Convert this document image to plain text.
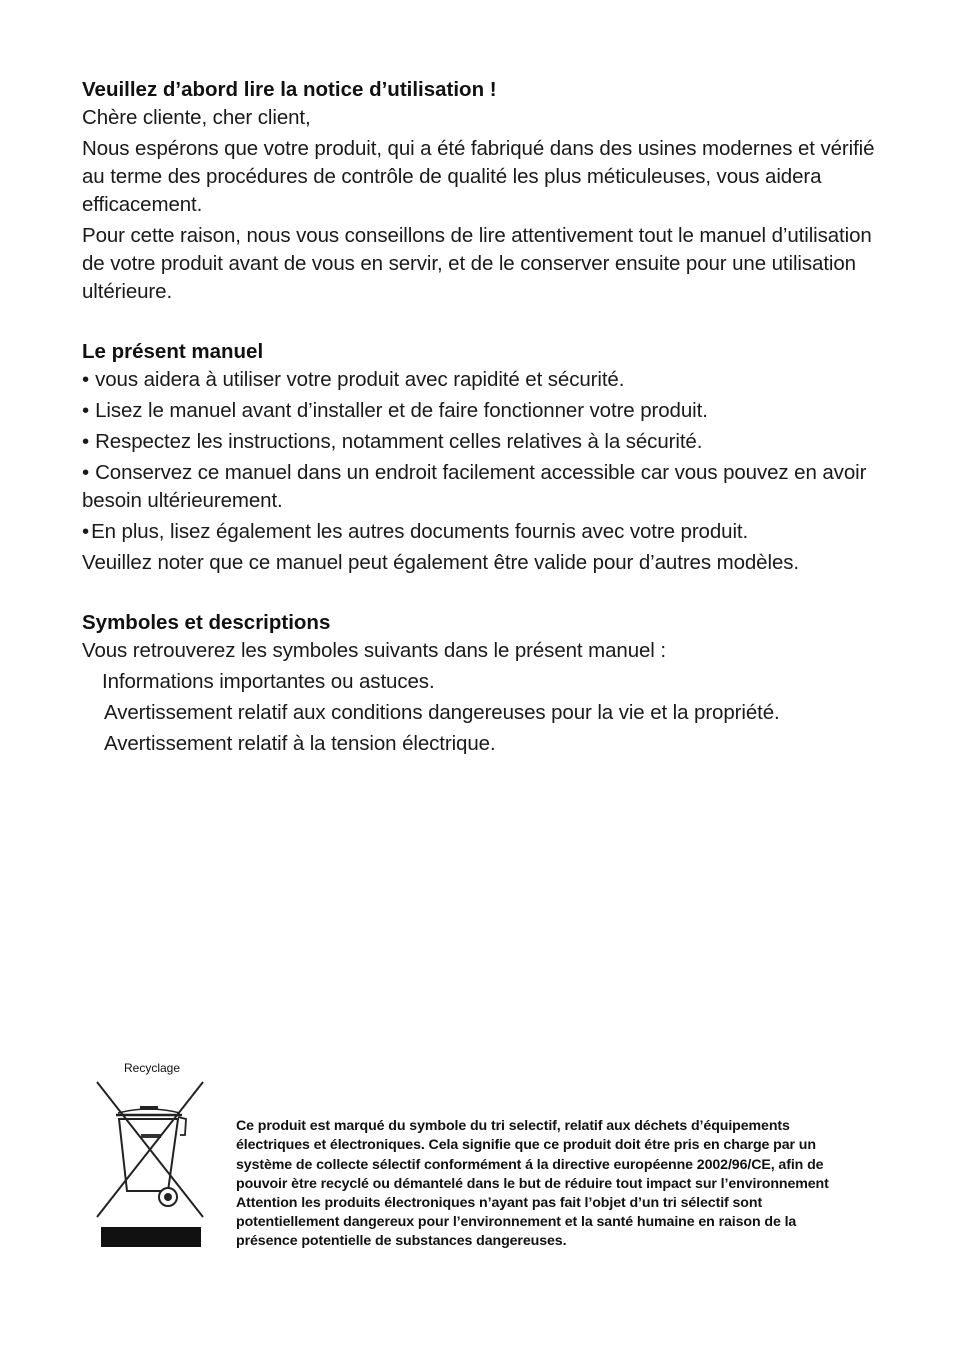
Veuillez d’abord lire la notice d’utilisation !

Chère cliente, cher client,

Nous espérons que votre produit, qui a été fabriqué dans des usines modernes et vérifié au terme des procédures de contrôle de qualité les plus méticuleuses, vous aidera efficacement.

Pour cette raison, nous vous conseillons de lire attentivement tout le manuel d’utilisation de votre produit avant de vous en servir, et de le conserver ensuite pour une utilisation ultérieure.

Le présent manuel

• vous aidera à utiliser votre produit avec rapidité et sécurité.

• Lisez le manuel avant d’installer et de faire fonctionner votre produit.

• Respectez les instructions, notamment celles relatives à la sécurité.

• Conservez ce manuel dans un endroit facilement accessible car vous pouvez en avoir besoin ultérieurement.

•En plus, lisez également les autres documents fournis avec votre produit.

Veuillez noter que ce manuel peut également être valide pour d’autres modèles.

Symboles et descriptions

Vous retrouverez les symboles suivants dans le présent manuel :

Informations importantes ou astuces.

Avertissement relatif aux conditions dangereuses pour la vie et la propriété.

Avertissement relatif à la tension électrique.

Recyclage

Ce produit est marqué du symbole du tri selectif, relatif aux déchets d’équipements électriques et électroniques. Cela signifie que ce produit doit étre pris en charge par un système de collecte sélectif conformément á la directive européenne 2002/96/CE, afin de pouvoir ètre recyclé ou démantelé dans le but de réduire tout impact sur l’environnement Attention les produits électroniques n’ayant pas fait l’objet d’un tri sélectif sont potentiellement dangereux pour l’environnement et la santé humaine en raison de la présence potentielle de substances dangereuses.
